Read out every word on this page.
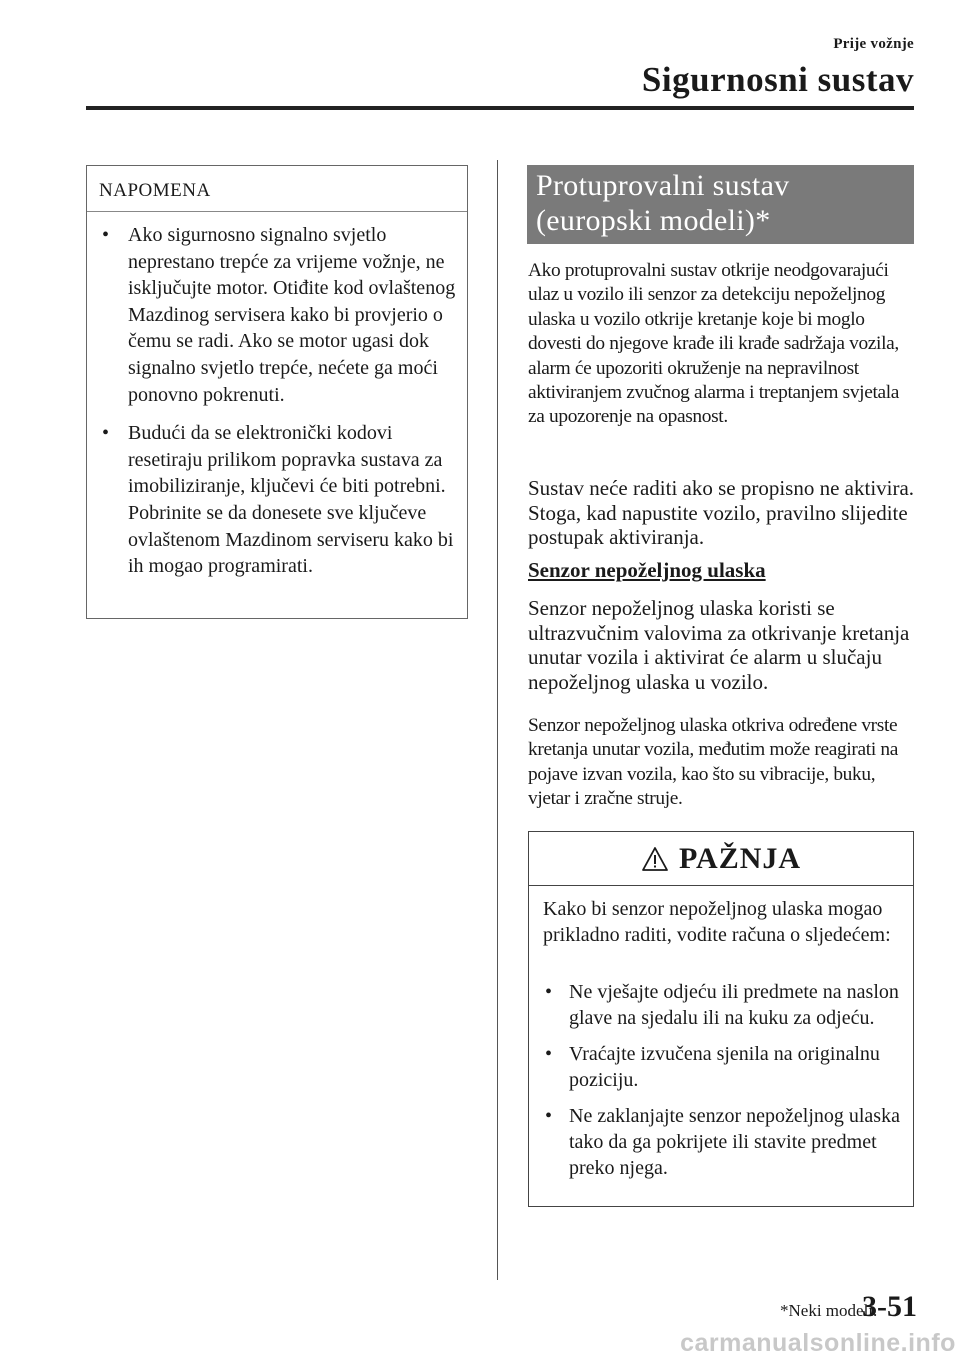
Prije vožnje
Sigurnosni sustav
NAPOMENA
• Ako sigurnosno signalno svjetlo neprestano trepće za vrijeme vožnje, ne isključujte motor. Otiđite kod ovlaštenog Mazdinog servisera kako bi provjerio o čemu se radi. Ako se motor ugasi dok signalno svjetlo trepće, nećete ga moći ponovno pokrenuti.
• Budući da se elektronički kodovi resetiraju prilikom popravka sustava za imobiliziranje, ključevi će biti potrebni. Pobrinite se da donesete sve ključeve ovlaštenom Mazdinom serviseru kako bi ih mogao programirati.
Protuprovalni sustav
(europski modeli)*

Ako protuprovalni sustav otkrije neodgovarajući ulaz u vozilo ili senzor za detekciju nepoželjnog ulaska u vozilo otkrije kretanje koje bi moglo dovesti do njegove krađe ili krađe sadržaja vozila, alarm će upozoriti okruženje na nepravilnost aktiviranjem zvučnog alarma i treptanjem svjetala za upozorenje na opasnost.

Sustav neće raditi ako se propisno ne aktivira. Stoga, kad napustite vozilo, pravilno slijedite postupak aktiviranja.

Senzor nepoželjnog ulaska

Senzor nepoželjnog ulaska koristi se ultrazvučnim valovima za otkrivanje kretanja unutar vozila i aktivirat će alarm u slučaju nepoželjnog ulaska u vozilo.

Senzor nepoželjnog ulaska otkriva određene vrste kretanja unutar vozila, međutim može reagirati na pojave izvan vozila, kao što su vibracije, buku, vjetar i zračne struje.

PAŽNJA

Kako bi senzor nepoželjnog ulaska mogao prikladno raditi, vodite računa o sljedećem:

• Ne vješajte odjeću ili predmete na naslon glave na sjedalu ili na kuku za odjeću.
• Vraćajte izvučena sjenila na originalnu poziciju.
• Ne zaklanjajte senzor nepoželjnog ulaska tako da ga pokrijete ili stavite predmet preko njega.
*Neki modeli.
3-51
carmanualsonline.info
